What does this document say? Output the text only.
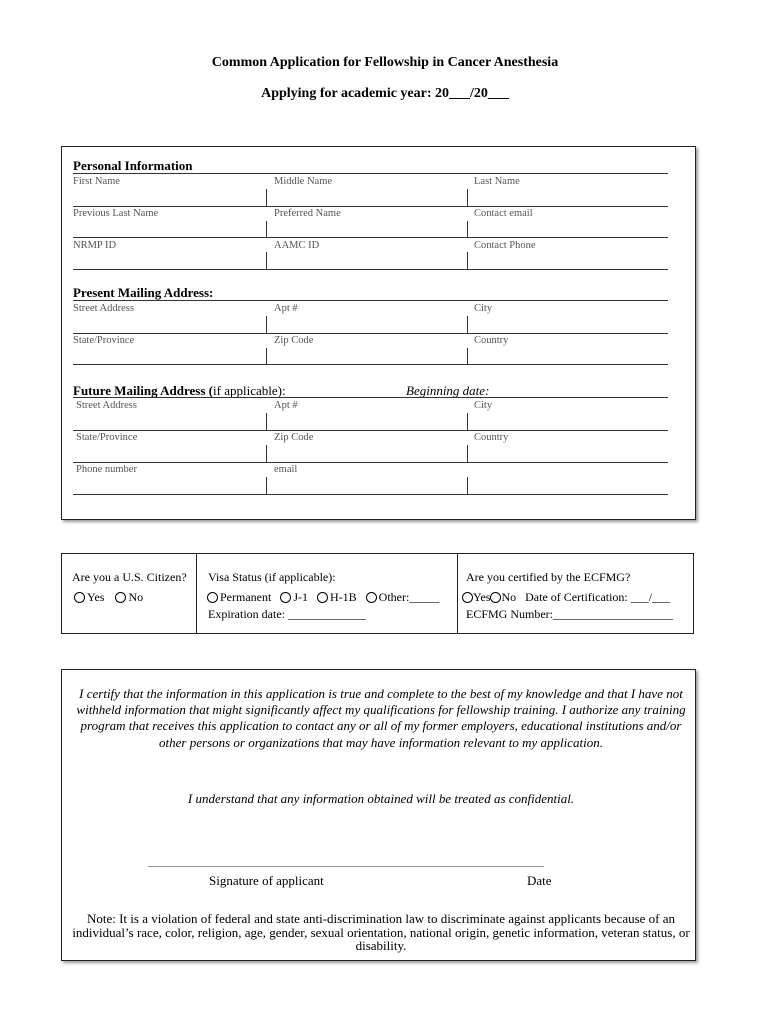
Common Application for Fellowship in Cancer Anesthesia
Applying for academic year: 20___/20___
Personal Information
First Name	Middle Name	Last Name
Previous Last Name	Preferred Name	Contact email
NRMP ID	AAMC ID	Contact Phone
Present Mailing Address:
Street Address	Apt #	City
State/Province	Zip Code	Country
Future Mailing Address (if applicable):	Beginning date:
Street Address	Apt #	City
State/Province	Zip Code	Country
Phone number	email
Are you a U.S. Citizen?
Yes No
Visa Status (if applicable):
Permanent J-1 H-1B Other:_____
Expiration date: _____________
Are you certified by the ECFMG?
Yes No Date of Certification: ___/___
ECFMG Number:____________________
I certify that the information in this application is true and complete to the best of my knowledge and that I have not withheld information that might significantly affect my qualifications for fellowship training. I authorize any training program that receives this application to contact any or all of my former employers, educational institutions and/or other persons or organizations that may have information relevant to my application.
I understand that any information obtained will be treated as confidential.
________________________________________________________________________
Signature of applicant	Date
Note: It is a violation of federal and state anti-discrimination law to discriminate against applicants because of an individual’s race, color, religion, age, gender, sexual orientation, national origin, genetic information, veteran status, or disability.
